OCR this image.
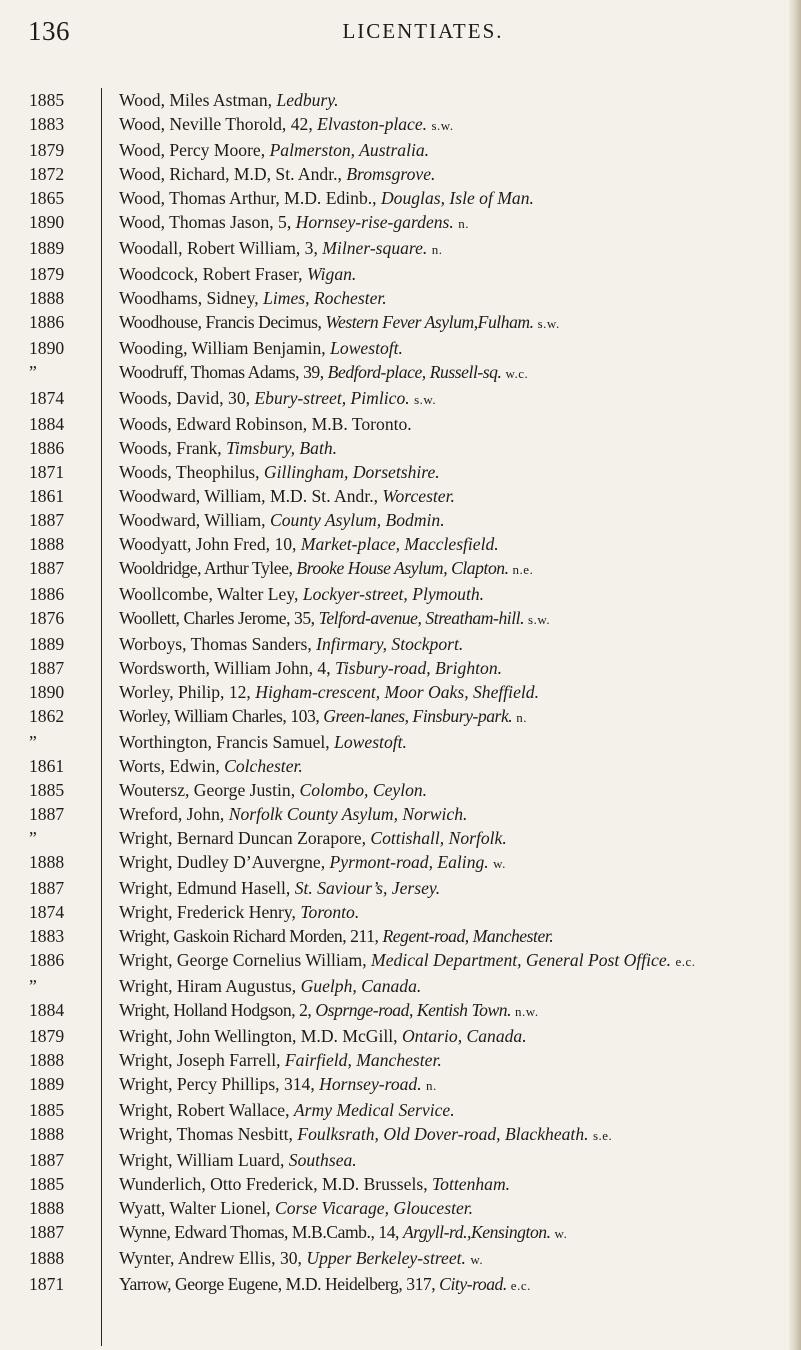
136	LICENTIATES.
1885	Wood, Miles Astman, Ledbury.
1883	Wood, Neville Thorold, 42, Elvaston-place. s.w.
1879	Wood, Percy Moore, Palmerston, Australia.
1872	Wood, Richard, M.D, St. Andr., Bromsgrove.
1865	Wood, Thomas Arthur, M.D. Edinb., Douglas, Isle of Man.
1890	Wood, Thomas Jason, 5, Hornsey-rise-gardens. n.
1889	Woodall, Robert William, 3, Milner-square. n.
1879	Woodcock, Robert Fraser, Wigan.
1888	Woodhams, Sidney, Limes, Rochester.
1886	Woodhouse, Francis Decimus, Western Fever Asylum,Fulham. s.w.
1890	Wooding, William Benjamin, Lowestoft.
”	Woodruff, Thomas Adams, 39, Bedford-place, Russell-sq. w.c.
1874	Woods, David, 30, Ebury-street, Pimlico. s.w.
1884	Woods, Edward Robinson, M.B. Toronto.
1886	Woods, Frank, Timsbury, Bath.
1871	Woods, Theophilus, Gillingham, Dorsetshire.
1861	Woodward, William, M.D. St. Andr., Worcester.
1887	Woodward, William, County Asylum, Bodmin.
1888	Woodyatt, John Fred, 10, Market-place, Macclesfield.
1887	Wooldridge, Arthur Tylee, Brooke House Asylum, Clapton. n.e.
1886	Woollcombe, Walter Ley, Lockyer-street, Plymouth.
1876	Woollett, Charles Jerome, 35, Telford-avenue, Streatham-hill. s.w.
1889	Worboys, Thomas Sanders, Infirmary, Stockport.
1887	Wordsworth, William John, 4, Tisbury-road, Brighton.
1890	Worley, Philip, 12, Higham-crescent, Moor Oaks, Sheffield.
1862	Worley, William Charles, 103, Green-lanes, Finsbury-park. n.
”	Worthington, Francis Samuel, Lowestoft.
1861	Worts, Edwin, Colchester.
1885	Woutersz, George Justin, Colombo, Ceylon.
1887	Wreford, John, Norfolk County Asylum, Norwich.
”	Wright, Bernard Duncan Zorapore, Cottishall, Norfolk.
1888	Wright, Dudley D’Auvergne, Pyrmont-road, Ealing. w.
1887	Wright, Edmund Hasell, St. Saviour’s, Jersey.
1874	Wright, Frederick Henry, Toronto.
1883	Wright, Gaskoin Richard Morden, 211, Regent-road, Manchester.
1886	Wright, George Cornelius William, Medical Department, General Post Office. e.c.
”	Wright, Hiram Augustus, Guelph, Canada.
1884	Wright, Holland Hodgson, 2, Osprnge-road, Kentish Town. n.w.
1879	Wright, John Wellington, M.D. McGill, Ontario, Canada.
1888	Wright, Joseph Farrell, Fairfield, Manchester.
1889	Wright, Percy Phillips, 314, Hornsey-road. n.
1885	Wright, Robert Wallace, Army Medical Service.
1888	Wright, Thomas Nesbitt, Foulksrath, Old Dover-road, Blackheath. s.e.
1887	Wright, William Luard, Southsea.
1885	Wunderlich, Otto Frederick, M.D. Brussels, Tottenham.
1888	Wyatt, Walter Lionel, Corse Vicarage, Gloucester.
1887	Wynne, Edward Thomas, M.B.Camb., 14, Argyll-rd.,Kensington. w.
1888	Wynter, Andrew Ellis, 30, Upper Berkeley-street. w.
1871	Yarrow, George Eugene, M.D. Heidelberg, 317, City-road. e.c.
